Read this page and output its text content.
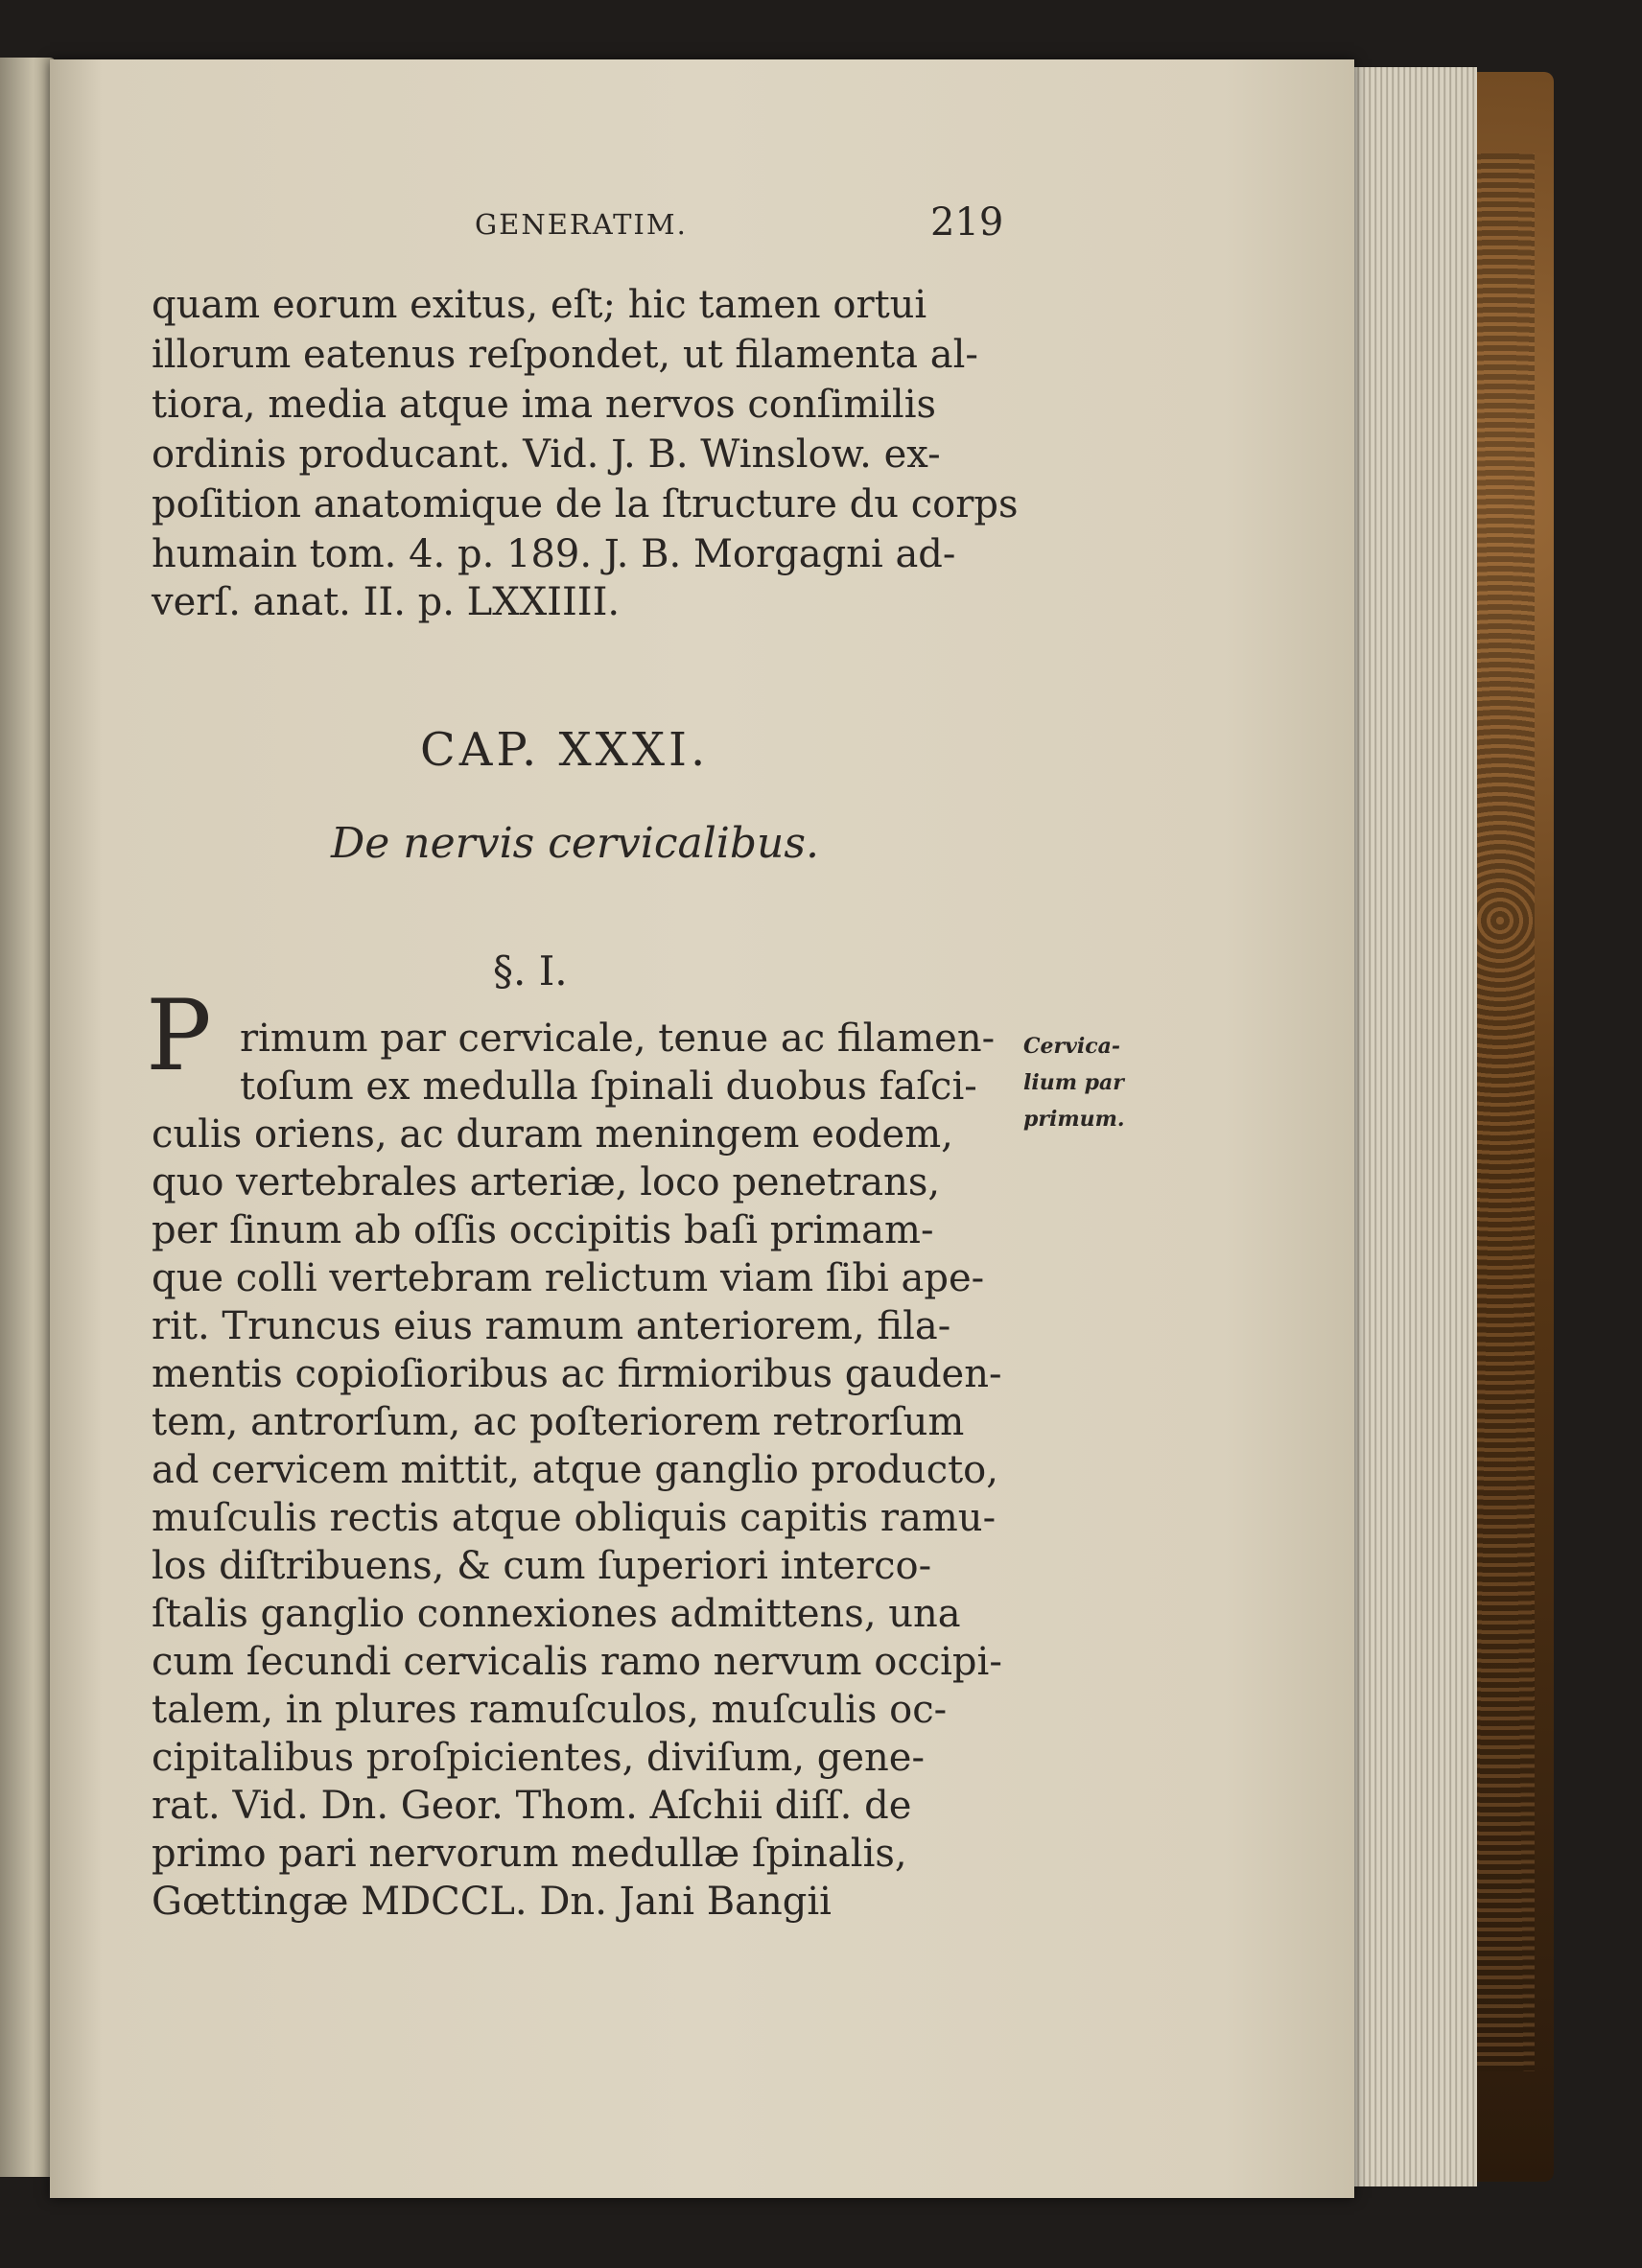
GENERATIM.	219
quam eorum exitus, eſt; hic tamen ortui
illorum eatenus reſpondet, ut filamenta al-
tiora, media atque ima nervos conſimilis
ordinis producant. Vid. J. B. Winslow. ex-
poſition anatomique de la ſtructure du corps
humain tom. 4. p. 189. J. B. Morgagni ad-
verſ. anat. II. p. LXXIIII.
CAP. XXXI.
De nervis cervicalibus.
§. I.
P rimum par cervicale, tenue ac filamen-
toſum ex medulla ſpinali duobus faſci-
culis oriens, ac duram meningem eodem,
quo vertebrales arteriæ, loco penetrans,
per ſinum ab oſſis occipitis baſi primam-
que colli vertebram relictum viam ſibi ape-
rit. Truncus eius ramum anteriorem, fila-
mentis copioſioribus ac firmioribus gauden-
tem, antrorſum, ac poſteriorem retrorſum
ad cervicem mittit, atque ganglio producto,
muſculis rectis atque obliquis capitis ramu-
los diſtribuens, & cum ſuperiori interco-
ſtalis ganglio connexiones admittens, una
cum ſecundi cervicalis ramo nervum occipi-
talem, in plures ramuſculos, muſculis oc-
cipitalibus proſpicientes, diviſum, gene-
rat. Vid. Dn. Geor. Thom. Aſchii diſſ. de
primo pari nervorum medullæ ſpinalis,
Gœttingæ MDCCL. Dn. Jani Bangii
Cervica-
lium par
primum.
